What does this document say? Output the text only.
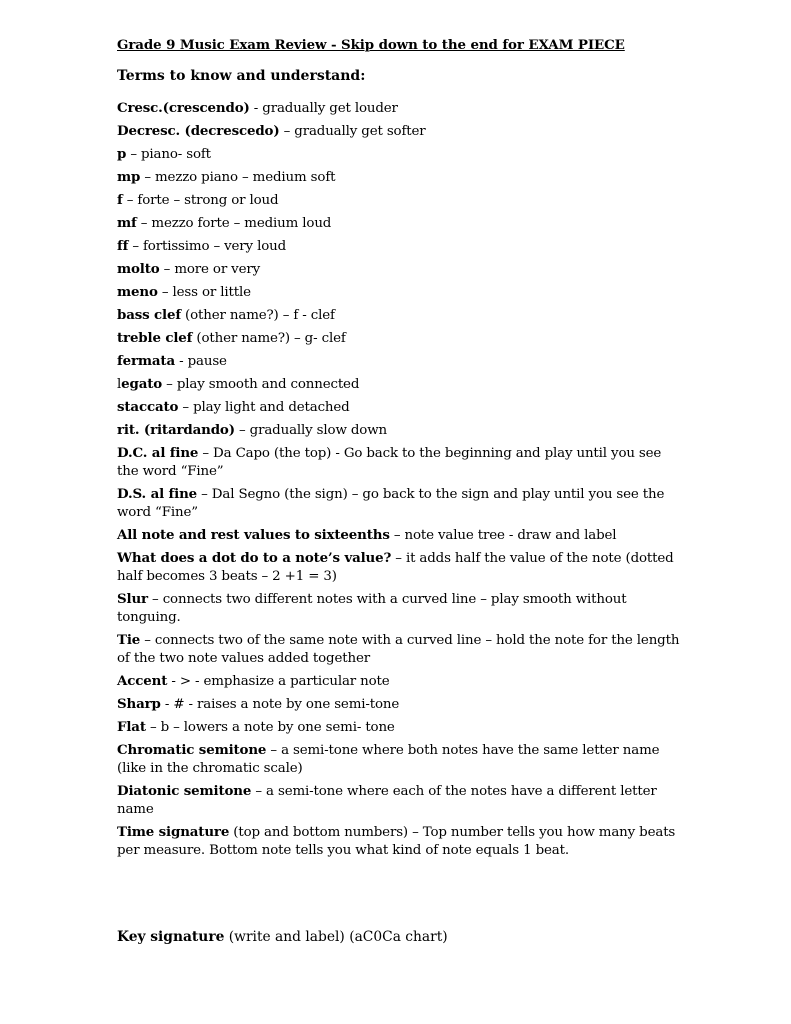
Grade 9 Music Exam Review - Skip down to the end for EXAM PIECE
Terms to know and understand:
Cresc.(crescendo) - gradually get louder
Decresc. (decrescedo) – gradually get softer
p – piano- soft
mp – mezzo piano – medium soft
f – forte – strong or loud
mf – mezzo forte – medium loud
ff – fortissimo – very loud
molto – more or very
meno – less or little
bass clef (other name?) – f - clef
treble clef (other name?) – g- clef
fermata - pause
legato – play smooth and connected
staccato – play light and detached
rit. (ritardando) – gradually slow down
D.C. al fine – Da Capo (the top) - Go back to the beginning and play until you see the word “Fine”
D.S. al fine – Dal Segno (the sign) – go back to the sign and play until you see the word “Fine”
All note and rest values to sixteenths – note value tree - draw and label
What does a dot do to a note’s value? – it adds half the value of the note (dotted half becomes 3 beats – 2 +1 = 3)
Slur – connects two different notes with a curved line – play smooth without tonguing.
Tie – connects two of the same note with a curved line – hold the note for the length of the two note values added together
Accent - > - emphasize a particular note
Sharp - # - raises a note by one semi-tone
Flat – b – lowers a note by one semi- tone
Chromatic semitone – a semi-tone where both notes have the same letter name (like in the chromatic scale)
Diatonic semitone – a semi-tone where each of the notes have a different letter name
Time signature (top and bottom numbers) – Top number tells you how many beats per measure. Bottom note tells you what kind of note equals 1 beat.
Key signature (write and label) (aC0Ca chart)
